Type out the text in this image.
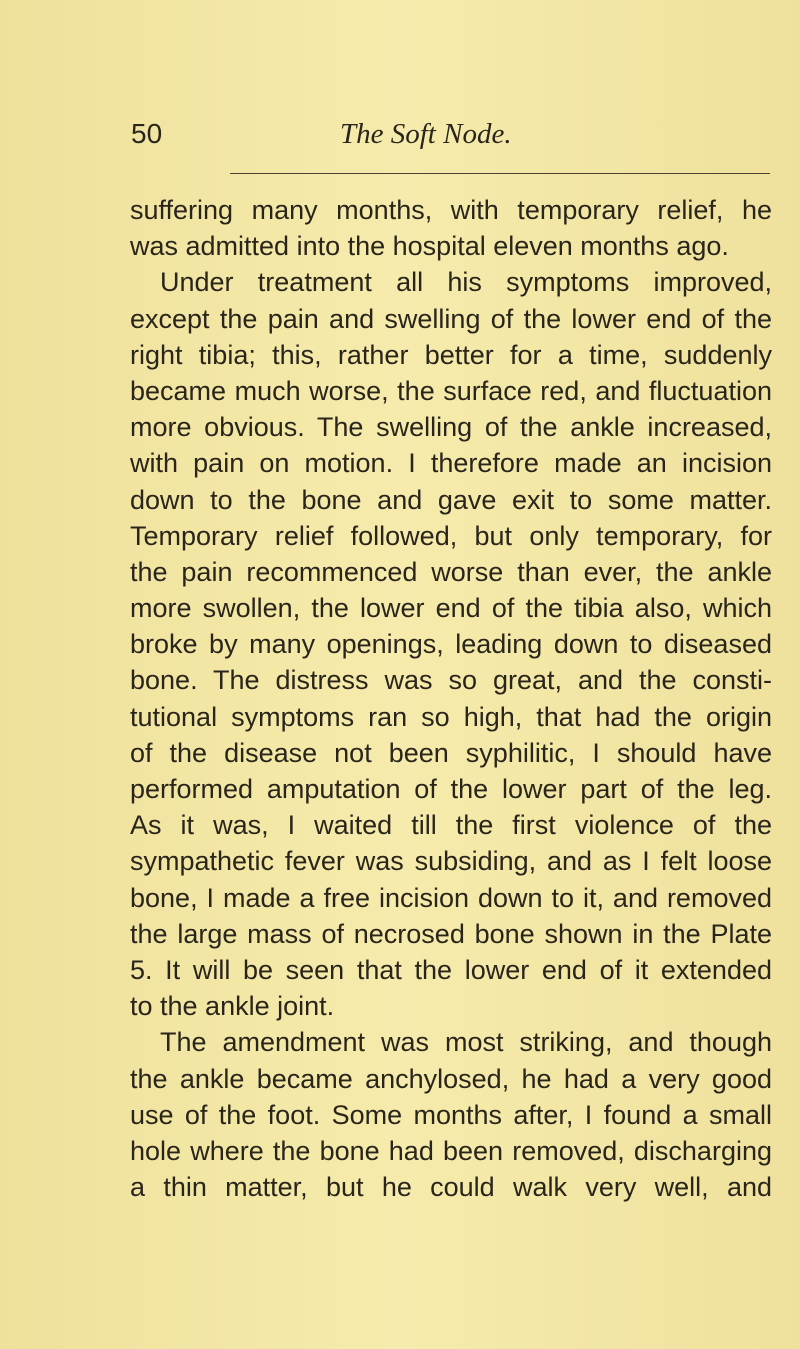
50	The Soft Node.
suffering many months, with temporary relief, he
was admitted into the hospital eleven months ago.
Under treatment all his symptoms improved,
except the pain and swelling of the lower end of the
right tibia; this, rather better for a time, suddenly
became much worse, the surface red, and fluctuation
more obvious. The swelling of the ankle increased,
with pain on motion. I therefore made an incision
down to the bone and gave exit to some matter.
Temporary relief followed, but only temporary, for
the pain recommenced worse than ever, the ankle
more swollen, the lower end of the tibia also, which
broke by many openings, leading down to diseased
bone. The distress was so great, and the consti-
tutional symptoms ran so high, that had the origin
of the disease not been syphilitic, I should have
performed amputation of the lower part of the leg.
As it was, I waited till the first violence of the
sympathetic fever was subsiding, and as I felt loose
bone, I made a free incision down to it, and removed
the large mass of necrosed bone shown in the Plate
5. It will be seen that the lower end of it extended
to the ankle joint.
The amendment was most striking, and though
the ankle became anchylosed, he had a very good
use of the foot. Some months after, I found a small
hole where the bone had been removed, discharging
a thin matter, but he could walk very well, and
